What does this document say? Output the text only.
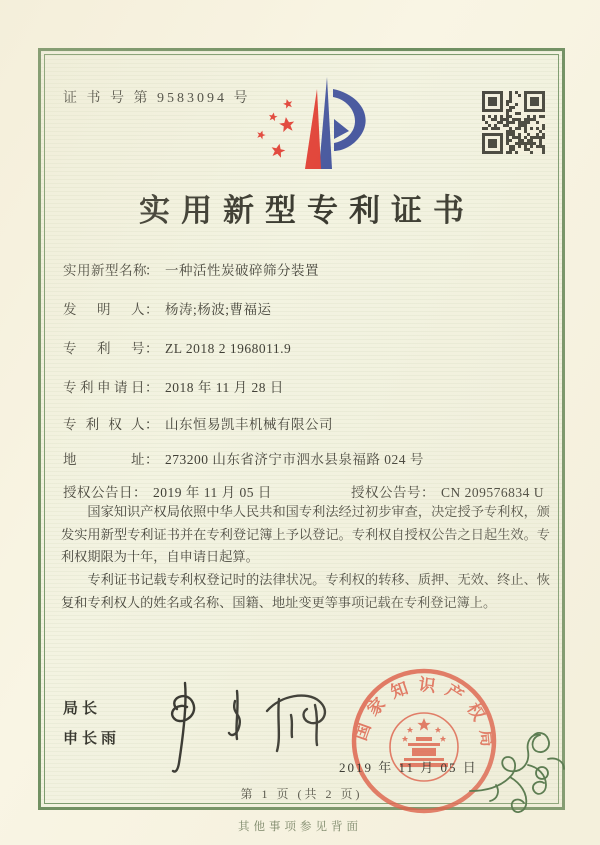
证 书 号 第 9583094 号
实用新型专利证书
实用新型名称： 一种活性炭破碎筛分装置
发明人： 杨涛;杨波;曹福运
专利号： ZL 2018 2 1968011.9
专利申请日： 2018 年 11 月 28 日
专利权人： 山东恒易凯丰机械有限公司
地址： 273200 山东省济宁市泗水县泉福路 024 号
授权公告日： 2019 年 11 月 05 日	授权公告号： CN 209576834 U

国家知识产权局依照中华人民共和国专利法经过初步审查，决定授予专利权，颁发实用新型专利证书并在专利登记簿上予以登记。专利权自授权公告之日起生效。专利权期限为十年，自申请日起算。

专利证书记载专利权登记时的法律状况。专利权的转移、质押、无效、终止、恢复和专利权人的姓名或名称、国籍、地址变更等事项记载在专利登记簿上。

局长
申长雨	国家知识产权局
2019 年 11 月 05 日
第 1 页 (共 2 页)
其他事项参见背面
